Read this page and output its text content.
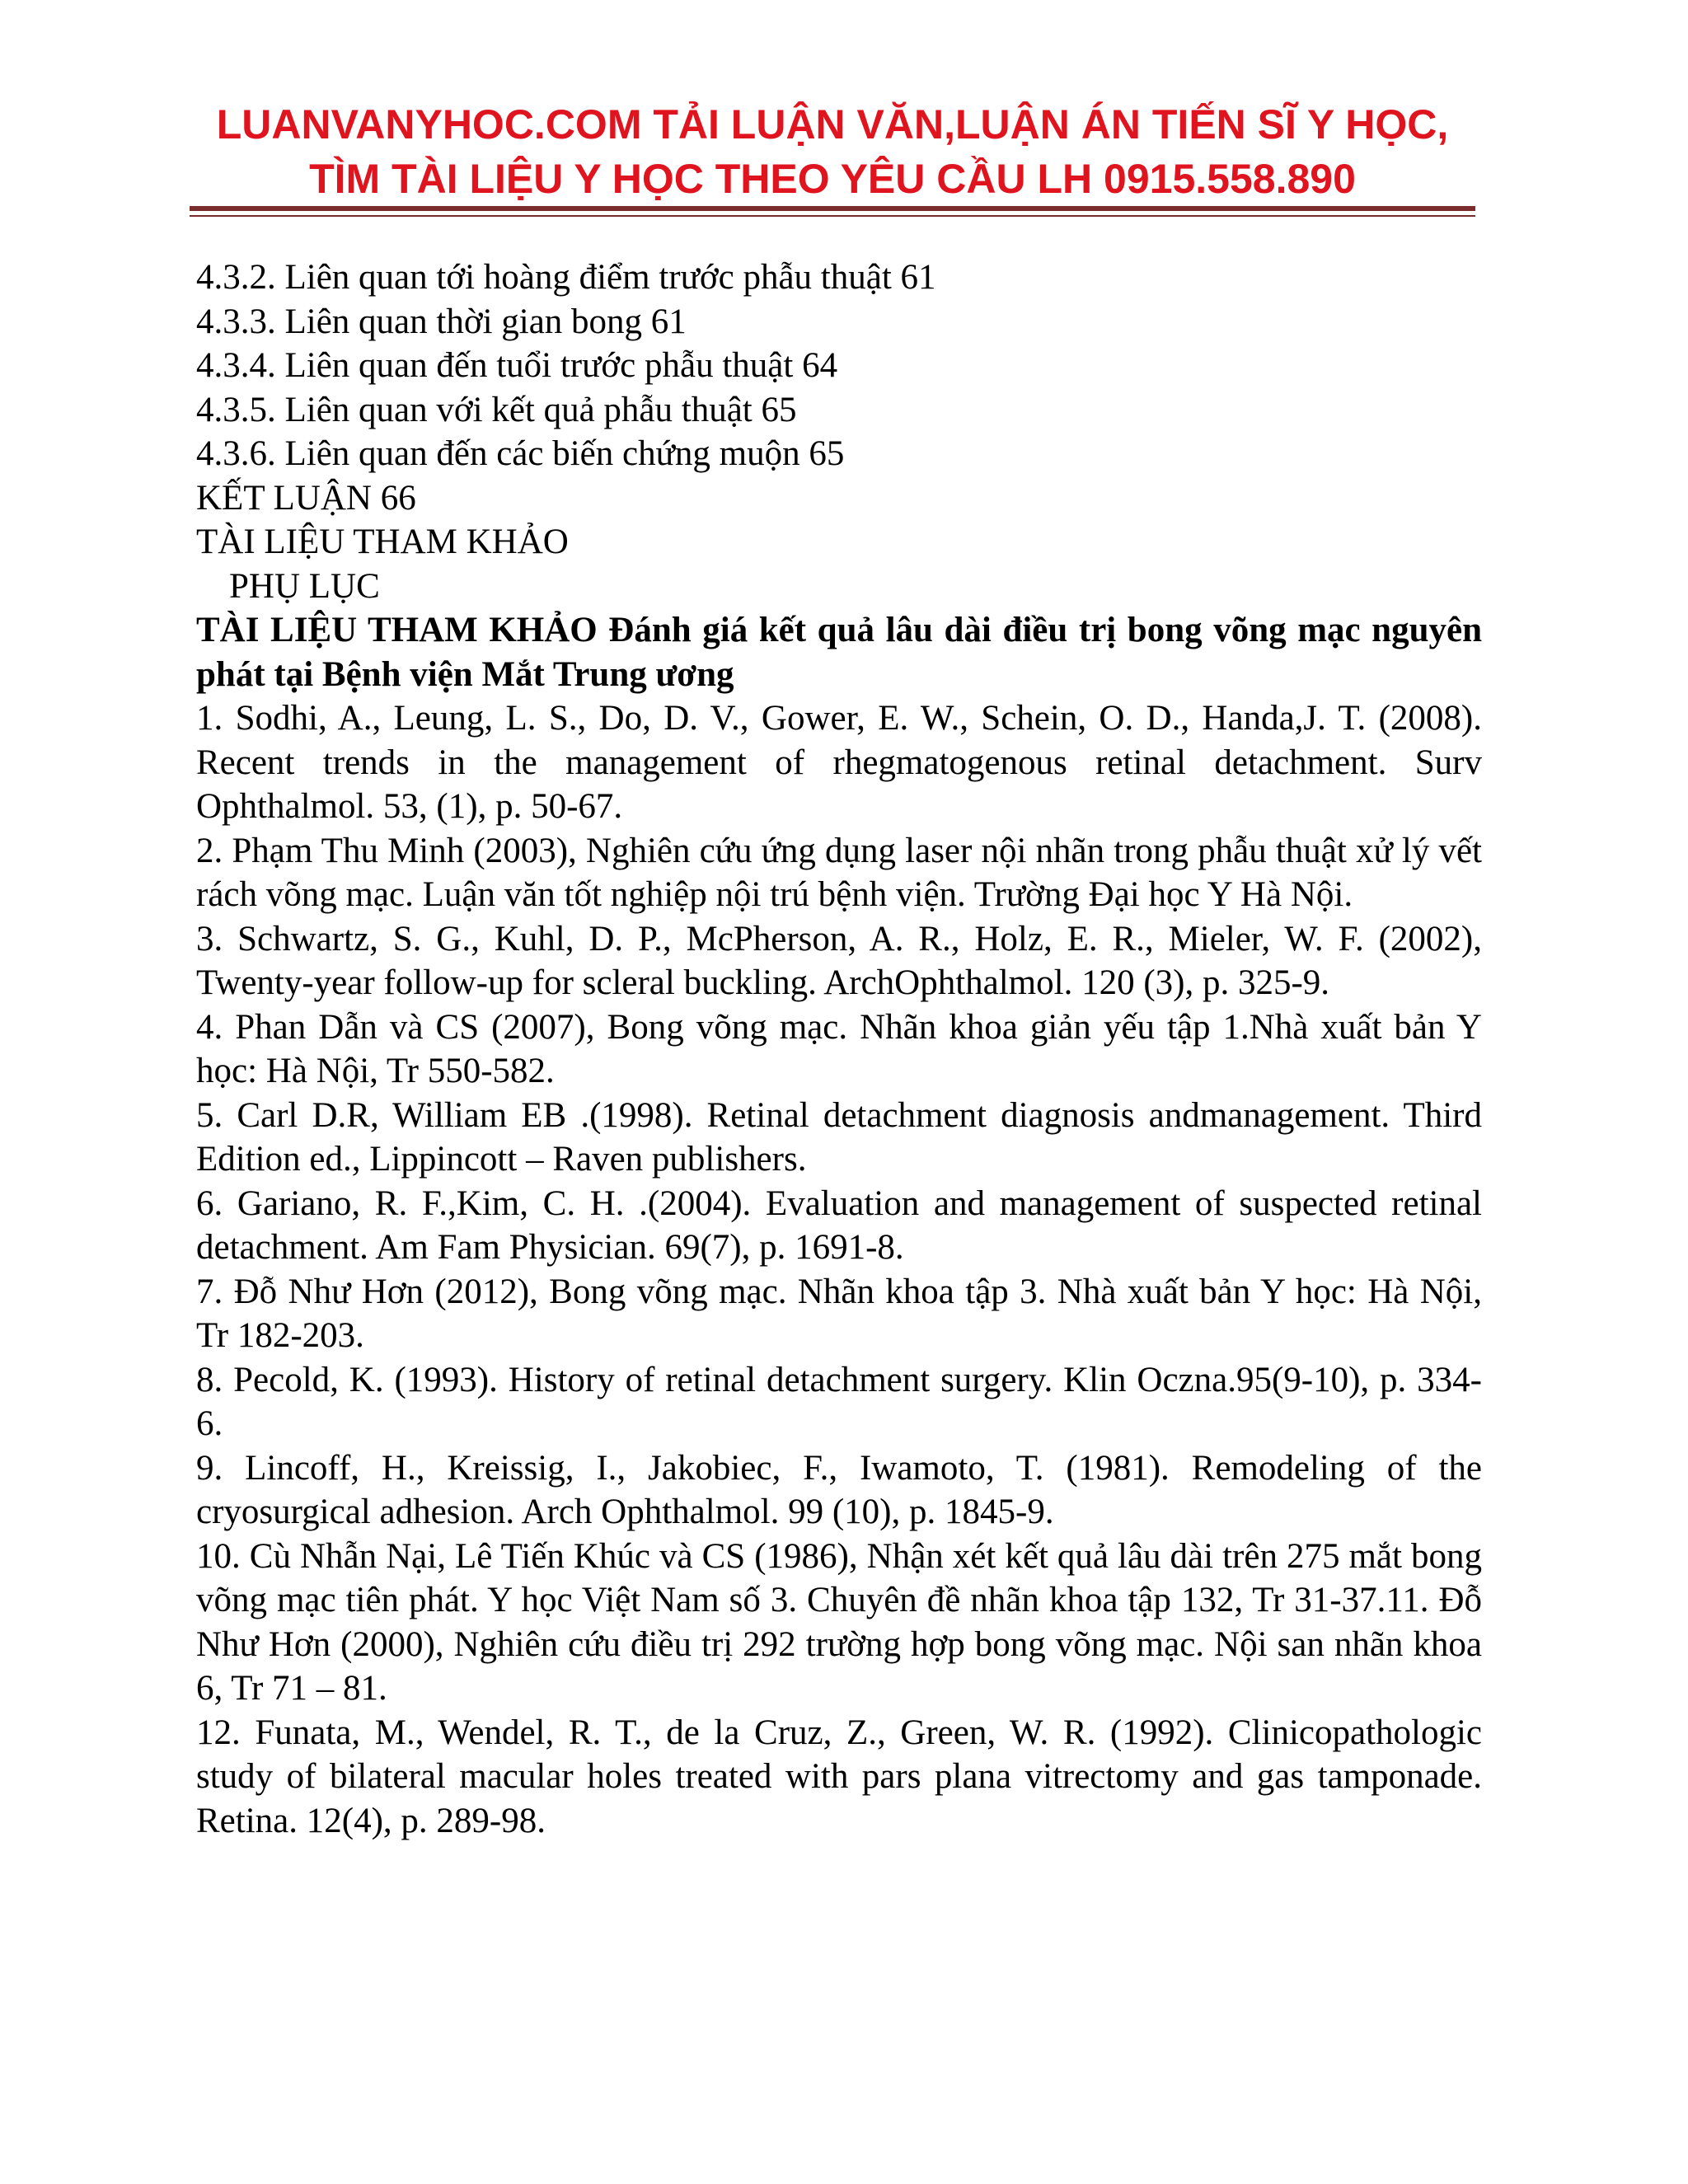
LUANVANYHOC.COM TẢI LUẬN VĂN,LUẬN ÁN TIẾN SĨ Y HỌC,
TÌM TÀI LIỆU Y HỌC THEO YÊU CẦU LH 0915.558.890
4.3.2. Liên quan tới hoàng điểm trước phẫu thuật 61
4.3.3. Liên quan thời gian bong 61
4.3.4. Liên quan đến tuổi trước phẫu thuật 64
4.3.5. Liên quan với kết quả phẫu thuật 65
4.3.6. Liên quan đến các biến chứng muộn 65
KẾT LUẬN 66
TÀI LIỆU THAM KHẢO
PHỤ LỤC
TÀI LIỆU THAM KHẢO Đánh giá kết quả lâu dài điều trị bong võng mạc nguyên phát tại Bệnh viện Mắt Trung ương
1. Sodhi, A., Leung, L. S., Do, D. V., Gower, E. W., Schein, O. D., Handa,J. T. (2008). Recent trends in the management of rhegmatogenous retinal detachment. Surv Ophthalmol. 53, (1), p. 50-67.
2. Phạm Thu Minh (2003), Nghiên cứu ứng dụng laser nội nhãn trong phẫu thuật xử lý vết rách võng mạc. Luận văn tốt nghiệp nội trú bệnh viện. Trường Đại học Y Hà Nội.
3. Schwartz, S. G., Kuhl, D. P., McPherson, A. R., Holz, E. R., Mieler, W. F. (2002), Twenty-year follow-up for scleral buckling. ArchOphthalmol. 120 (3), p. 325-9.
4. Phan Dẫn và CS (2007), Bong võng mạc. Nhãn khoa giản yếu tập 1.Nhà xuất bản Y học: Hà Nội, Tr 550-582.
5. Carl D.R, William EB .(1998). Retinal detachment diagnosis andmanagement. Third Edition ed., Lippincott – Raven publishers.
6. Gariano, R. F.,Kim, C. H. .(2004). Evaluation and management of suspected retinal detachment. Am Fam Physician. 69(7), p. 1691-8.
7. Đỗ Như Hơn (2012), Bong võng mạc. Nhãn khoa tập 3. Nhà xuất bản Y học: Hà Nội, Tr 182-203.
8. Pecold, K. (1993). History of retinal detachment surgery. Klin Oczna.95(9-10), p. 334-6.
9. Lincoff, H., Kreissig, I., Jakobiec, F., Iwamoto, T. (1981). Remodeling of the cryosurgical adhesion. Arch Ophthalmol. 99 (10), p. 1845-9.
10. Cù Nhẫn Nại, Lê Tiến Khúc và CS (1986), Nhận xét kết quả lâu dài trên 275 mắt bong võng mạc tiên phát. Y học Việt Nam số 3. Chuyên đề nhãn khoa tập 132, Tr 31-37.11. Đỗ Như Hơn (2000), Nghiên cứu điều trị 292 trường hợp bong võng mạc. Nội san nhãn khoa 6, Tr 71 – 81.
12. Funata, M., Wendel, R. T., de la Cruz, Z., Green, W. R. (1992). Clinicopathologic study of bilateral macular holes treated with pars plana vitrectomy and gas tamponade. Retina. 12(4), p. 289-98.
